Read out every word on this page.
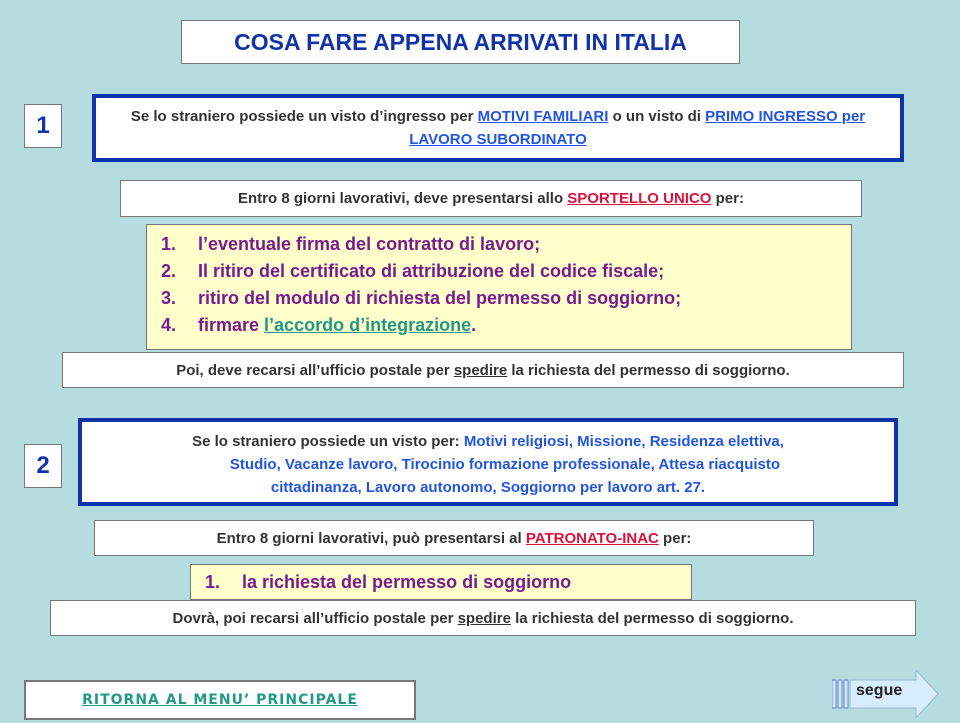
COSA FARE APPENA ARRIVATI IN ITALIA
1	Se lo straniero possiede un visto d’ingresso per MOTIVI FAMILIARI o un visto di PRIMO INGRESSO per LAVORO SUBORDINATO
Entro 8 giorni lavorativi, deve presentarsi allo SPORTELLO UNICO per:
1.	l’eventuale firma del contratto di lavoro;
2.	Il ritiro del certificato di attribuzione del codice fiscale;
3.	ritiro del modulo di richiesta del permesso di soggiorno;
4.	firmare l’accordo d’integrazione.
Poi, deve recarsi all’ufficio postale per spedire la richiesta del permesso di soggiorno.
2
Se lo straniero possiede un visto per: Motivi religiosi, Missione, Residenza elettiva,
Studio, Vacanze lavoro, Tirocinio formazione professionale, Attesa riacquisto
cittadinanza, Lavoro autonomo, Soggiorno per lavoro art. 27.
Entro 8 giorni lavorativi, può presentarsi al PATRONATO-INAC per:
1.	la richiesta del permesso di soggiorno
Dovrà, poi recarsi all’ufficio postale per spedire la richiesta del permesso di soggiorno.
RITORNA AL MENU’ PRINCIPALE
segue
